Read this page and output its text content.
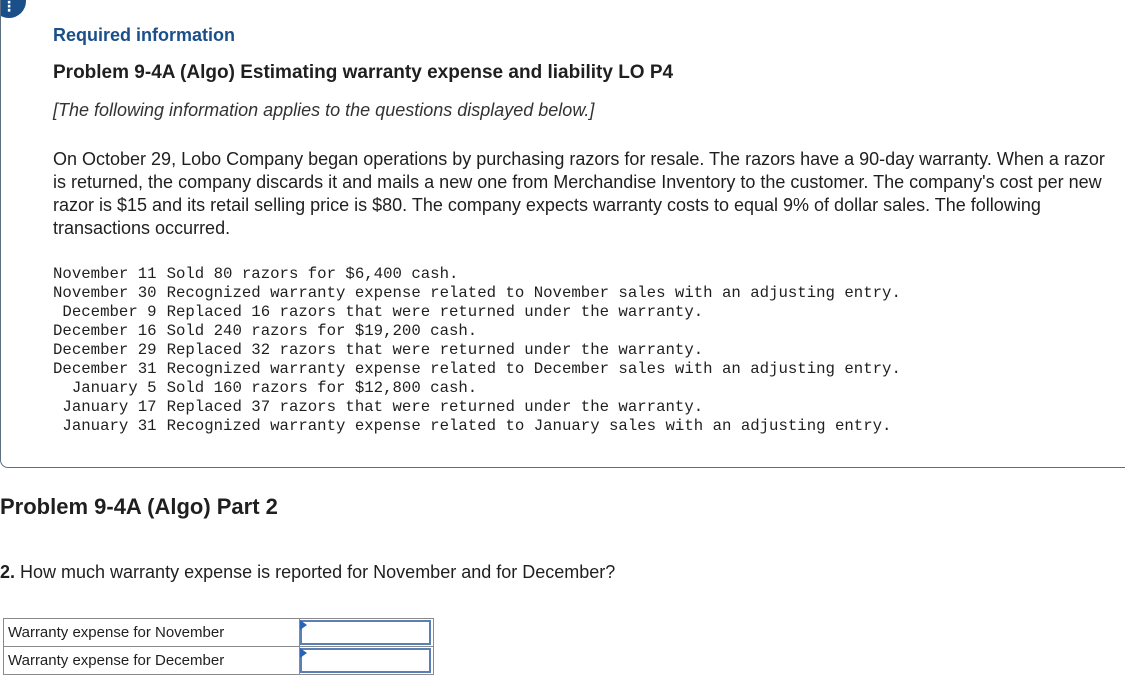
⋮
Required information
Problem 9-4A (Algo) Estimating warranty expense and liability LO P4
[The following information applies to the questions displayed below.]
On October 29, Lobo Company began operations by purchasing razors for resale. The razors have a 90-day warranty. When a razor is returned, the company discards it and mails a new one from Merchandise Inventory to the customer. The company's cost per new razor is $15 and its retail selling price is $80. The company expects warranty costs to equal 9% of dollar sales. The following transactions occurred.
November 11	Sold 80 razors for $6,400 cash.
November 30	Recognized warranty expense related to November sales with an adjusting entry.
December 9	Replaced 16 razors that were returned under the warranty.
December 16	Sold 240 razors for $19,200 cash.
December 29	Replaced 32 razors that were returned under the warranty.
December 31	Recognized warranty expense related to December sales with an adjusting entry.
January 5	Sold 160 razors for $12,800 cash.
January 17	Replaced 37 razors that were returned under the warranty.
January 31	Recognized warranty expense related to January sales with an adjusting entry.
Problem 9-4A (Algo) Part 2
2. How much warranty expense is reported for November and for December?
Warranty expense for November	

Warranty expense for December	
